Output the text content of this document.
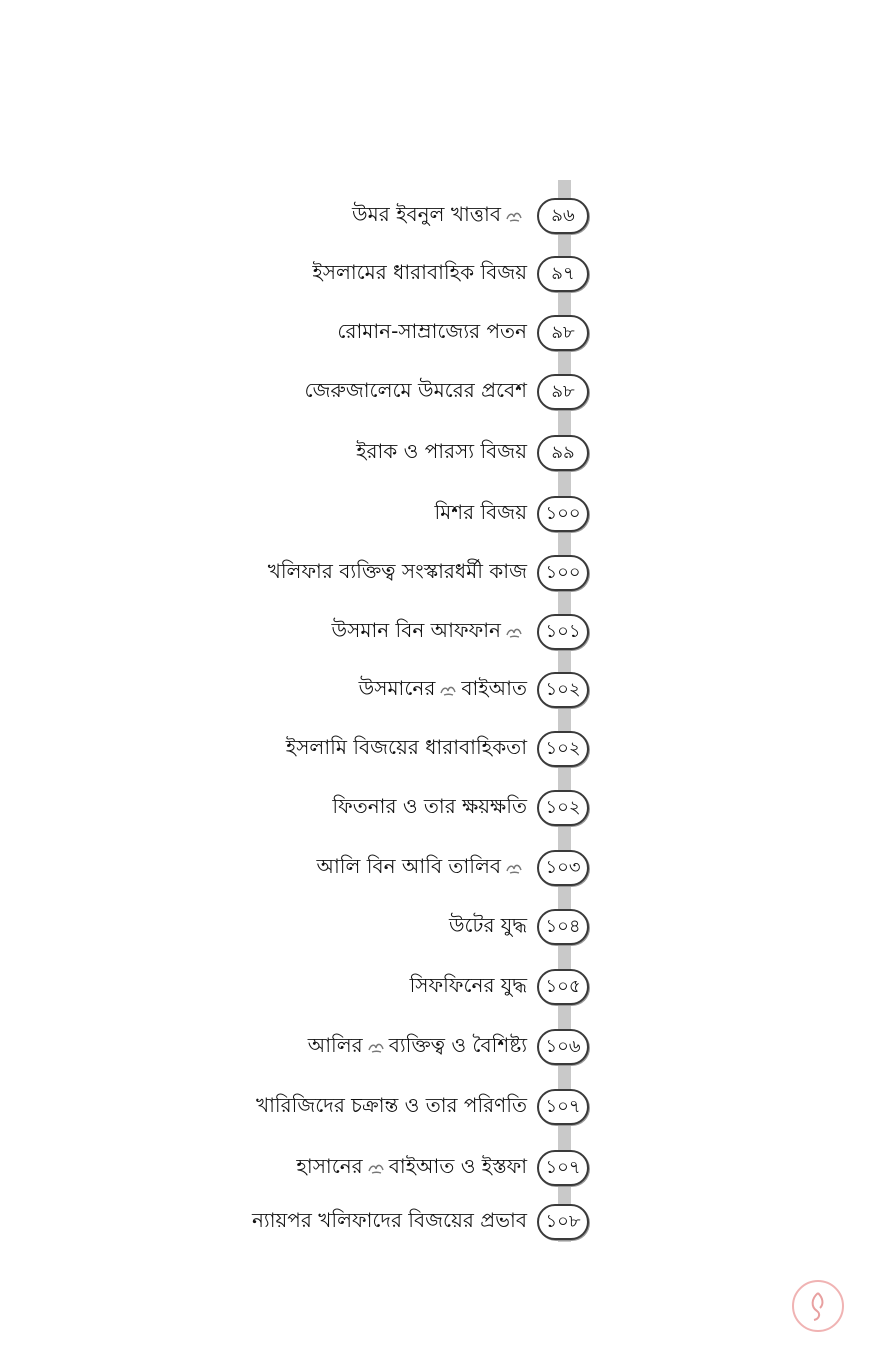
উমর ইবনুল খাত্তাব	৯৬
ইসলামের ধারাবাহিক বিজয়	৯৭
রোমান-সাম্রাজ্যের পতন	৯৮
জেরুজালেমে উমরের প্রবেশ	৯৮
ইরাক ও পারস্য বিজয়	৯৯
মিশর বিজয়	১০০
খলিফার ব্যক্তিত্ব সংস্কারধর্মী কাজ	১০০
উসমান বিন আফফান	১০১
উসমানের বাইআত	১০২
ইসলামি বিজয়ের ধারাবাহিকতা	১০২
ফিতনার ও তার ক্ষয়ক্ষতি	১০২
আলি বিন আবি তালিব	১০৩
উটের যুদ্ধ	১০৪
সিফফিনের যুদ্ধ	১০৫
আলির ব্যক্তিত্ব ও বৈশিষ্ট্য	১০৬
খারিজিদের চক্রান্ত ও তার পরিণতি	১০৭
হাসানের বাইআত ও ইস্তফা	১০৭
ন্যায়পর খলিফাদের বিজয়ের প্রভাব	১০৮
